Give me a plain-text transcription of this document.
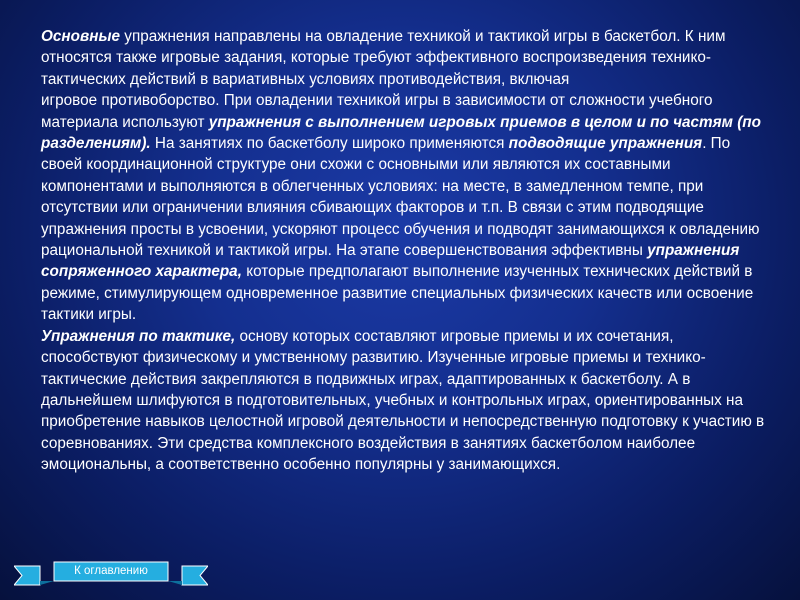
Основные упражнения направлены на овладение техникой и тактикой игры в баскетбол. К ним относятся также игровые задания, которые требуют эффективного воспроизведения технико-тактических действий в вариативных условиях противодействия, включая
игровое противоборство. При овладении техникой игры в зависимости от сложности учебного материала используют упражнения с выполнением игровых приемов в целом и по частям (по разделениям). На занятиях по баскетболу широко применяются подводящие упражнения. По своей координационной структуре они схожи с основными или являются их составными компонентами и выполняются в облегченных условиях: на месте, в замедленном темпе, при отсутствии или ограничении влияния сбивающих факторов и т.п. В связи с этим подводящие упражнения просты в усвоении, ускоряют процесс обучения и подводят занимающихся к овладению рациональной техникой и тактикой игры. На этапе совершенствования эффективны упражнения сопряженного характера, которые предполагают выполнение изученных технических действий в режиме, стимулирующем одновременное развитие специальных физических качеств или освоение тактики игры.

Упражнения по тактике, основу которых составляют игровые приемы и их сочетания, способствуют физическому и умственному развитию. Изученные игровые приемы и технико-тактические действия закрепляются в подвижных играх, адаптированных к баскетболу. А в дальнейшем шлифуются в подготовительных, учебных и контрольных играх, ориентированных на приобретение навыков целостной игровой деятельности и непосредственную подготовку к участию в соревнованиях. Эти средства комплексного воздействия в занятиях баскетболом наиболее эмоциональны, а соответственно особенно популярны у занимающихся.

К оглавлению
